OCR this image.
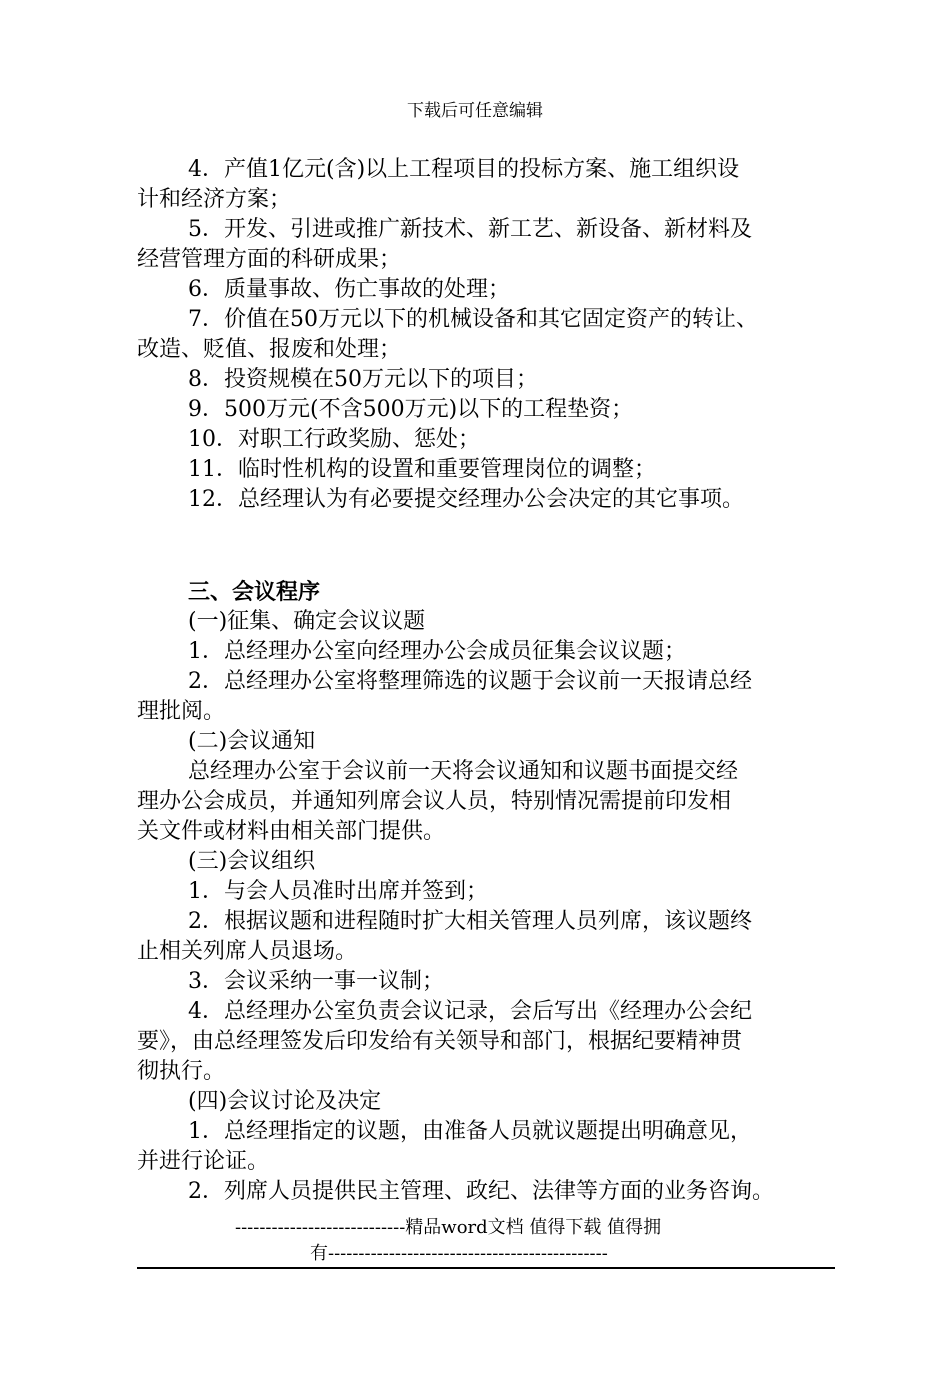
下载后可任意编辑

4．产值1亿元(含)以上工程项目的投标方案、施工组织设

计和经济方案；

5．开发、引进或推广新技术、新工艺、新设备、新材料及

经营管理方面的科研成果；

6．质量事故、伤亡事故的处理；

7．价值在50万元以下的机械设备和其它固定资产的转让、

改造、贬值、报废和处理；

8．投资规模在50万元以下的项目；

9．500万元(不含500万元)以下的工程垫资；

10．对职工行政奖励、惩处；

11．临时性机构的设置和重要管理岗位的调整；

12．总经理认为有必要提交经理办公会决定的其它事项。

三、会议程序

(一)征集、确定会议议题

1．总经理办公室向经理办公会成员征集会议议题；

2．总经理办公室将整理筛选的议题于会议前一天报请总经

理批阅。

(二)会议通知

总经理办公室于会议前一天将会议通知和议题书面提交经

理办公会成员，并通知列席会议人员，特别情况需提前印发相

关文件或材料由相关部门提供。

(三)会议组织

1．与会人员准时出席并签到；

2．根据议题和进程随时扩大相关管理人员列席，该议题终

止相关列席人员退场。

3．会议采纳一事一议制；

4．总经理办公室负责会议记录，会后写出《经理办公会纪

要》，由总经理签发后印发给有关领导和部门，根据纪要精神贯

彻执行。

(四)会议讨论及决定

1．总经理指定的议题，由准备人员就议题提出明确意见，

并进行论证。

2．列席人员提供民主管理、政纪、法律等方面的业务咨询。

----------------------------精品word文档 值得下载 值得拥
有----------------------------------------------
